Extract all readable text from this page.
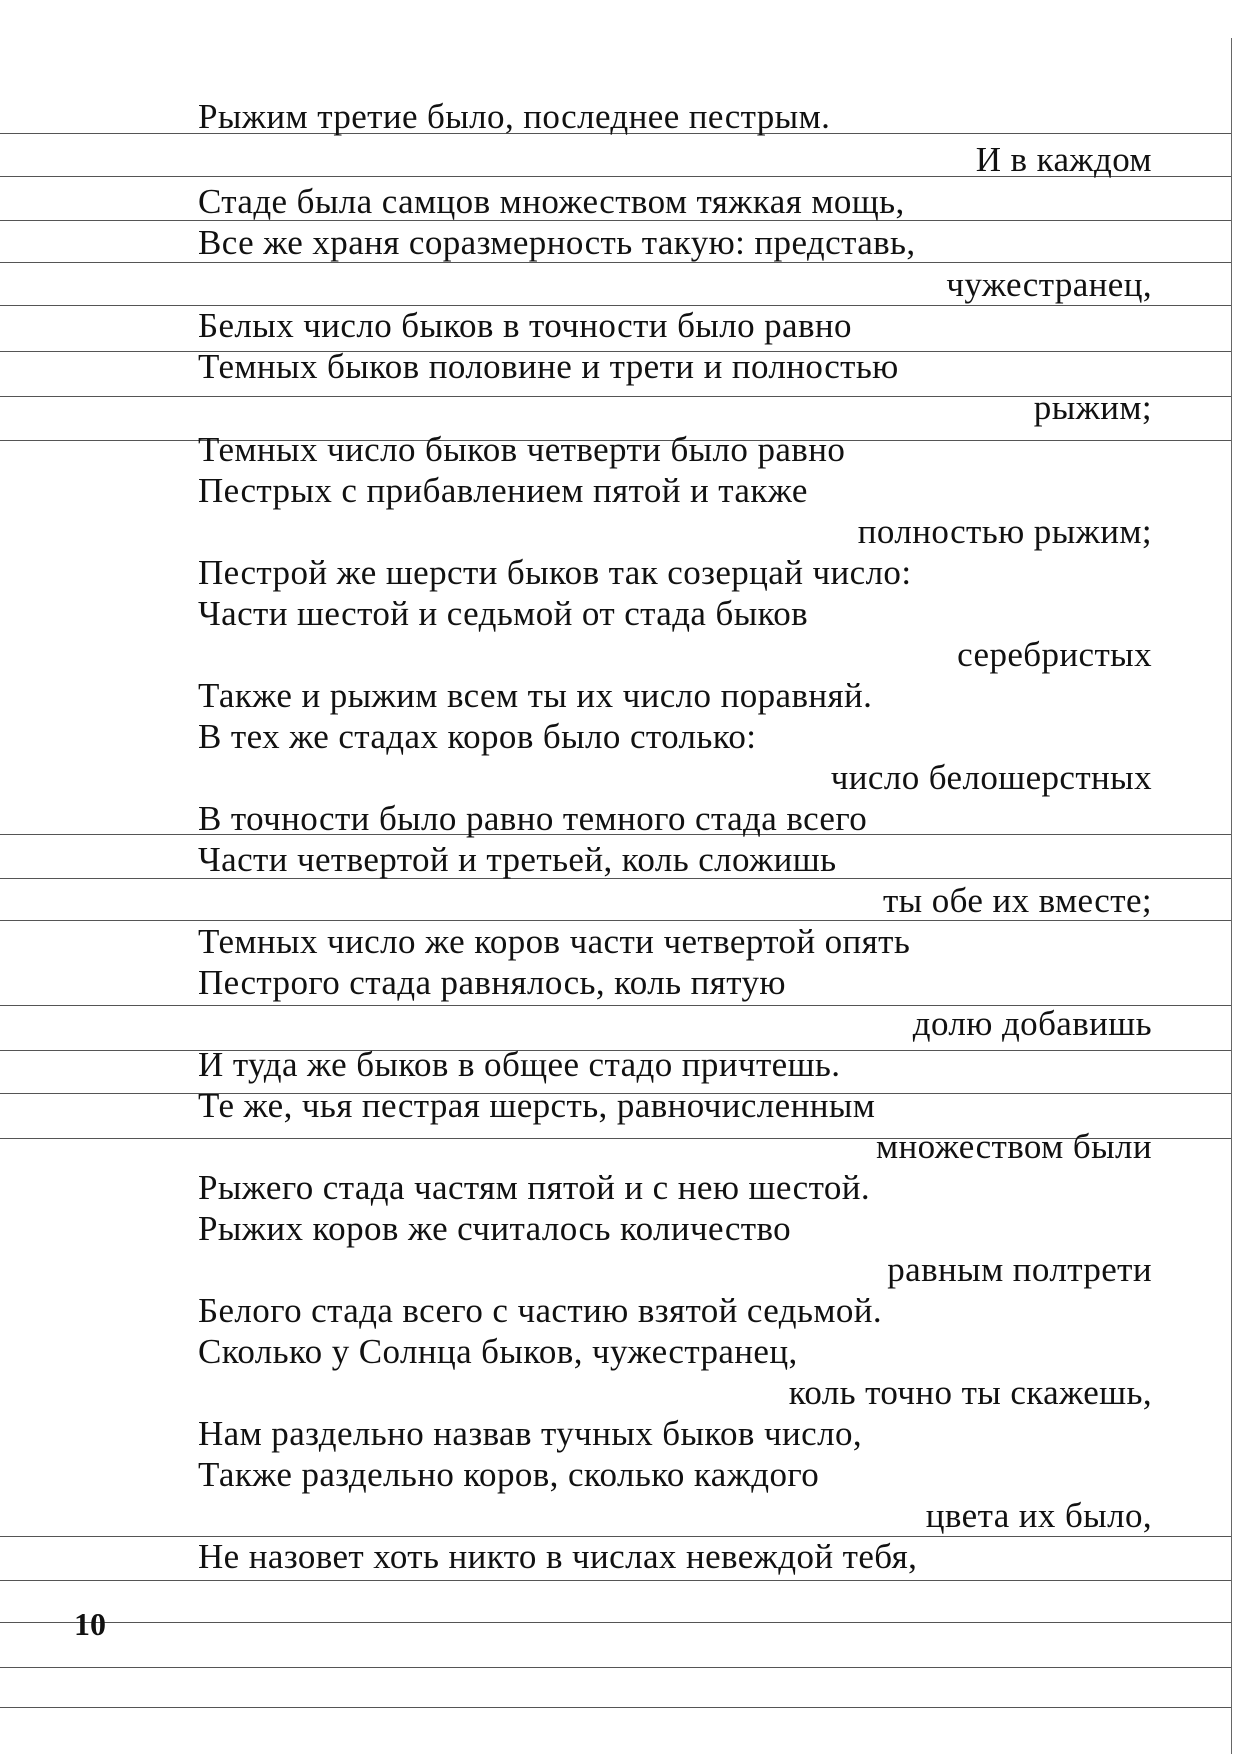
Рыжим третие было, последнее пестрым.
И в каждом
Стаде была самцов множеством тяжкая мощь,
Все же храня соразмерность такую: представь,
чужестранец,
Белых число быков в точности было равно
Темных быков половине и трети и полностью
рыжим;
Темных число быков четверти было равно
Пестрых с прибавлением пятой и также
полностью рыжим;
Пестрой же шерсти быков так созерцай число:
Части шестой и седьмой от стада быков
серебристых
Также и рыжим всем ты их число поравняй.
В тех же стадах коров было столько:
число белошерстных
В точности было равно темного стада всего
Части четвертой и третьей, коль сложишь
ты обе их вместе;
Темных число же коров части четвертой опять
Пестрого стада равнялось, коль пятую
долю добавишь
И туда же быков в общее стадо причтешь.
Те же, чья пестрая шерсть, равночисленным
множеством были
Рыжего стада частям пятой и с нею шестой.
Рыжих коров же считалось количество
равным полтрети
Белого стада всего с частию взятой седьмой.
Сколько у Солнца быков, чужестранец,
коль точно ты скажешь,
Нам раздельно назвав тучных быков число,
Также раздельно коров, сколько каждого
цвета их было,
Не назовет хоть никто в числах невеждой тебя,
10
